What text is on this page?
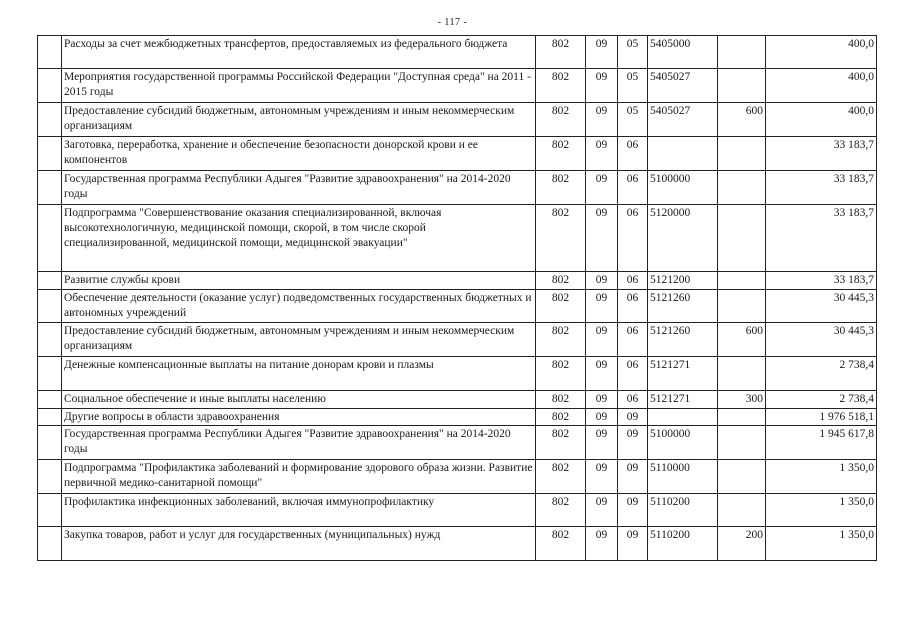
- 117 -
	Расходы за счет межбюджетных трансфертов, предоставляемых из федерального бюджета	802	09	05	5405000		400,0
	Мероприятия государственной программы Российской Федерации "Доступная среда" на 2011 - 2015 годы	802	09	05	5405027		400,0
	Предоставление субсидий бюджетным, автономным учреждениям и иным некоммерческим организациям	802	09	05	5405027	600	400,0
	Заготовка, переработка, хранение и обеспечение безопасности донорской крови и ее компонентов	802	09	06			33 183,7
	Государственная программа Республики Адыгея "Развитие здравоохранения" на 2014-2020 годы	802	09	06	5100000		33 183,7
	Подпрограмма "Совершенствование оказания специализированной, включая высокотехнологичную, медицинской помощи, скорой, в том числе скорой специализированной, медицинской помощи, медицинской эвакуации"	802	09	06	5120000		33 183,7
	Развитие службы крови	802	09	06	5121200		33 183,7
	Обеспечение деятельности (оказание услуг) подведомственных государственных бюджетных и автономных учреждений	802	09	06	5121260		30 445,3
	Предоставление субсидий бюджетным, автономным учреждениям и иным некоммерческим организациям	802	09	06	5121260	600	30 445,3
	Денежные компенсационные выплаты на питание донорам крови и плазмы	802	09	06	5121271		2 738,4
	Социальное обеспечение и иные выплаты населению	802	09	06	5121271	300	2 738,4
	Другие вопросы в области здравоохранения	802	09	09			1 976 518,1
	Государственная программа Республики Адыгея "Развитие здравоохранения" на 2014-2020 годы	802	09	09	5100000		1 945 617,8
	Подпрограмма "Профилактика заболеваний и формирование здорового образа жизни. Развитие первичной медико-санитарной помощи"	802	09	09	5110000		1 350,0
	Профилактика инфекционных заболеваний, включая иммунопрофилактику	802	09	09	5110200		1 350,0
	Закупка товаров, работ и услуг для государственных (муниципальных) нужд	802	09	09	5110200	200	1 350,0
